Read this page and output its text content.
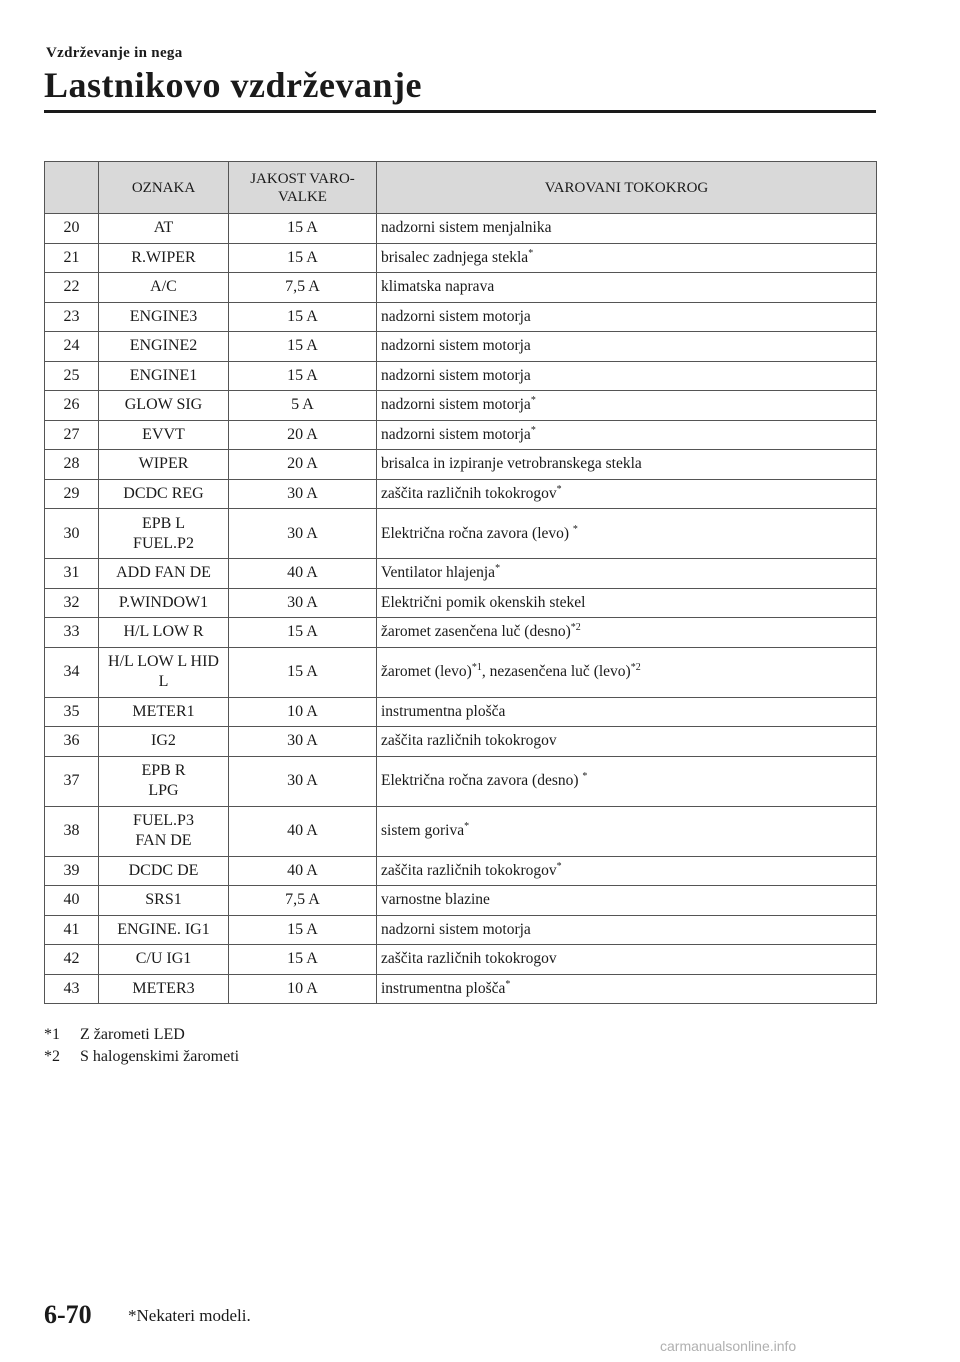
Vzdrževanje in nega
Lastnikovo vzdrževanje
	OZNAKA	JAKOST VARO-
VALKE	VAROVANI TOKOKROG
20	AT	15 A	nadzorni sistem menjalnika
21	R.WIPER	15 A	brisalec zadnjega stekla*
22	A/C	7,5 A	klimatska naprava
23	ENGINE3	15 A	nadzorni sistem motorja
24	ENGINE2	15 A	nadzorni sistem motorja
25	ENGINE1	15 A	nadzorni sistem motorja
26	GLOW SIG	5 A	nadzorni sistem motorja*
27	EVVT	20 A	nadzorni sistem motorja*
28	WIPER	20 A	brisalca in izpiranje vetrobranskega stekla
29	DCDC REG	30 A	zaščita različnih tokokrogov*
30	EPB L
FUEL.P2	30 A	Električna ročna zavora (levo) *
31	ADD FAN DE	40 A	Ventilator hlajenja*
32	P.WINDOW1	30 A	Električni pomik okenskih stekel
33	H/L LOW R	15 A	žaromet zasenčena luč (desno)$^{*2}$
34	H/L LOW L HID
L	15 A	žaromet (levo)$^{*1}$, nezasenčena luč (levo)$^{*2}$
35	METER1	10 A	instrumentna plošča
36	IG2	30 A	zaščita različnih tokokrogov
37	EPB R
LPG	30 A	Električna ročna zavora (desno) *
38	FUEL.P3
FAN DE	40 A	sistem goriva*
39	DCDC DE	40 A	zaščita različnih tokokrogov*
40	SRS1	7,5 A	varnostne blazine
41	ENGINE. IG1	15 A	nadzorni sistem motorja
42	C/U IG1	15 A	zaščita različnih tokokrogov
43	METER3	10 A	instrumentna plošča*
*1	Z žarometi LED
*2	S halogenskimi žarometi
6-70 *Nekateri modeli.
carmanualsonline.info
